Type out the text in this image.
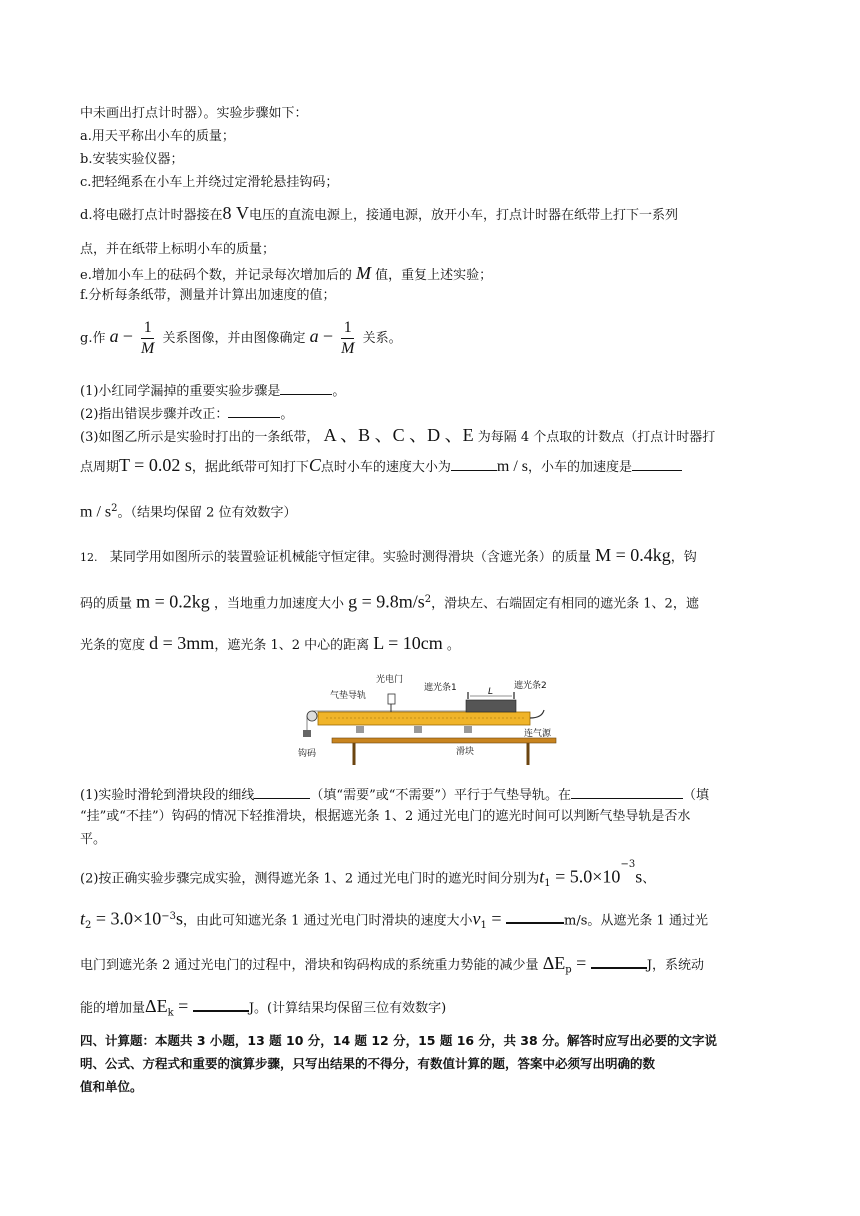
中未画出打点计时器）。实验步骤如下：
a.用天平称出小车的质量；
b.安装实验仪器；
c.把轻绳系在小车上并绕过定滑轮悬挂钩码；
d.将电磁打点计时器接在8 V电压的直流电源上，接通电源，放开小车，打点计时器在纸带上打下一系列
点，并在纸带上标明小车的质量；
e.增加小车上的砝码个数，并记录每次增加后的 M 值，重复上述实验；
f.分析每条纸带，测量并计算出加速度的值；
g.作 $a - \frac{1}{M}$ 关系图像，并由图像确定 $a - \frac{1}{M}$ 关系。
(1)小红同学漏掉的重要实验步骤是	。
(2)指出错误步骤并改正：	。
(3)如图乙所示是实验时打出的一条纸带， A 、B 、C 、D 、E 为每隔 4 个点取的计数点（打点计时器打
点周期T = 0.02 s，据此纸带可知打下C点时小车的速度大小为	m / s，小车的加速度是
m / $s^2$。（结果均保留 2 位有效数字）
12. 某同学用如图所示的装置验证机械能守恒定律。实验时测得滑块（含遮光条）的质量 M = 0.4kg，钩
码的质量 m = 0.2kg ，当地重力加速度大小 $g = 9.8m/s^2$，滑块左、右端固定有相同的遮光条 1、2，遮
光条的宽度 d = 3mm，遮光条 1、2 中心的距离 L = 10cm 。
光电门
气垫导轨
遮光条1	L
遮光条2
连气源
滑块
钩码
(1)实验时滑轮到滑块段的细线	（填“需要”或“不需要”）平行于气垫导轨。在	（填
“挂”或“不挂”）钩码的情况下轻推滑块，根据遮光条 1、2 通过光电门的遮光时间可以判断气垫导轨是否水
平。
(2)按正确实验步骤完成实验，测得遮光条 1、2 通过光电门时的遮光时间分别为$t_1 = 5.0\times 10^{-3}s$、
$t_2 = 3.0\times 10^{-3}s$，由此可知遮光条 1 通过光电门时滑块的速度大小$v_1$ =	m/s。从遮光条 1 通过光
电门到遮光条 2 通过光电门的过程中，滑块和钩码构成的系统重力势能的减少量 $\Delta E_p$ =	J，系统动
能的增加量$\Delta E_k$ =	J。(计算结果均保留三位有效数字)
四、计算题：本题共 3 小题，13 题 10 分，14 题 12 分，15 题 16 分，共 38 分。解答时应写出必要的文字说
明、公式、方程式和重要的演算步骤，只写出结果的不得分，有数值计算的题，答案中必须写出明确的数
值和单位。
